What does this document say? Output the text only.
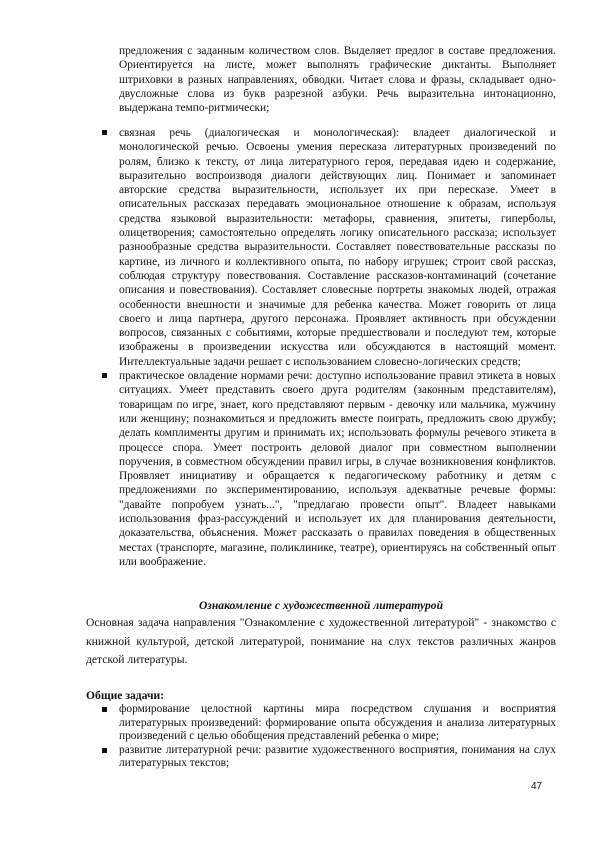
предложения с заданным количеством слов. Выделяет предлог в составе предложения. Ориентируется на листе, может выполнять графические диктанты. Выполняет штриховки в разных направлениях, обводки. Читает слова и фразы, складывает одно-двусложные слова из букв разрезной азбуки. Речь выразительна интонационно, выдержана темпо-ритмически;

связная речь (диалогическая и монологическая): владеет диалогической и монологической речью. Освоены умения пересказа литературных произведений по ролям, близко к тексту, от лица литературного героя, передавая идею и содержание, выразительно воспроизводя диалоги действующих лиц. Понимает и запоминает авторские средства выразительности, использует их при пересказе. Умеет в описательных рассказах передавать эмоциональное отношение к образам, используя средства языковой выразительности: метафоры, сравнения, эпитеты, гиперболы, олицетворения; самостоятельно определять логику описательного рассказа; использует разнообразные средства выразительности. Составляет повествовательные рассказы по картине, из личного и коллективного опыта, по набору игрушек; строит свой рассказ, соблюдая структуру повествования. Составление рассказов-контаминаций (сочетание описания и повествования). Составляет словесные портреты знакомых людей, отражая особенности внешности и значимые для ребенка качества. Может говорить от лица своего и лица партнера, другого персонажа. Проявляет активность при обсуждении вопросов, связанных с событиями, которые предшествовали и последуют тем, которые изображены в произведении искусства или обсуждаются в настоящий момент. Интеллектуальные задачи решает с использованием словесно-логических средств;
практическое овладение нормами речи: доступно использование правил этикета в новых ситуациях. Умеет представить своего друга родителям (законным представителям), товарищам по игре, знает, кого представляют первым - девочку или мальчика, мужчину или женщину; познакомиться и предложить вместе поиграть, предложить свою дружбу; делать комплименты другим и принимать их; использовать формулы речевого этикета в процессе спора. Умеет построить деловой диалог при совместном выполнении поручения, в совместном обсуждении правил игры, в случае возникновения конфликтов. Проявляет инициативу и обращается к педагогическому работнику и детям с предложениями по экспериментированию, используя адекватные речевые формы: "давайте попробуем узнать...", "предлагаю провести опыт". Владеет навыками использования фраз-рассуждений и использует их для планирования деятельности, доказательства, объяснения. Может рассказать о правилах поведения в общественных местах (транспорте, магазине, поликлинике, театре), ориентируясь на собственный опыт или воображение.
Ознакомление с художественной литературой

Основная задача направления "Ознакомление с художественной литературой" - знакомство с книжной культурой, детской литературой, понимание на слух текстов различных жанров детской литературы.

Общие задачи:
формирование целостной картины мира посредством слушания и восприятия литературных произведений: формирование опыта обсуждения и анализа литературных произведений с целью обобщения представлений ребенка о мире;
развитие литературной речи: развитие художественного восприятия, понимания на слух литературных текстов;
47
